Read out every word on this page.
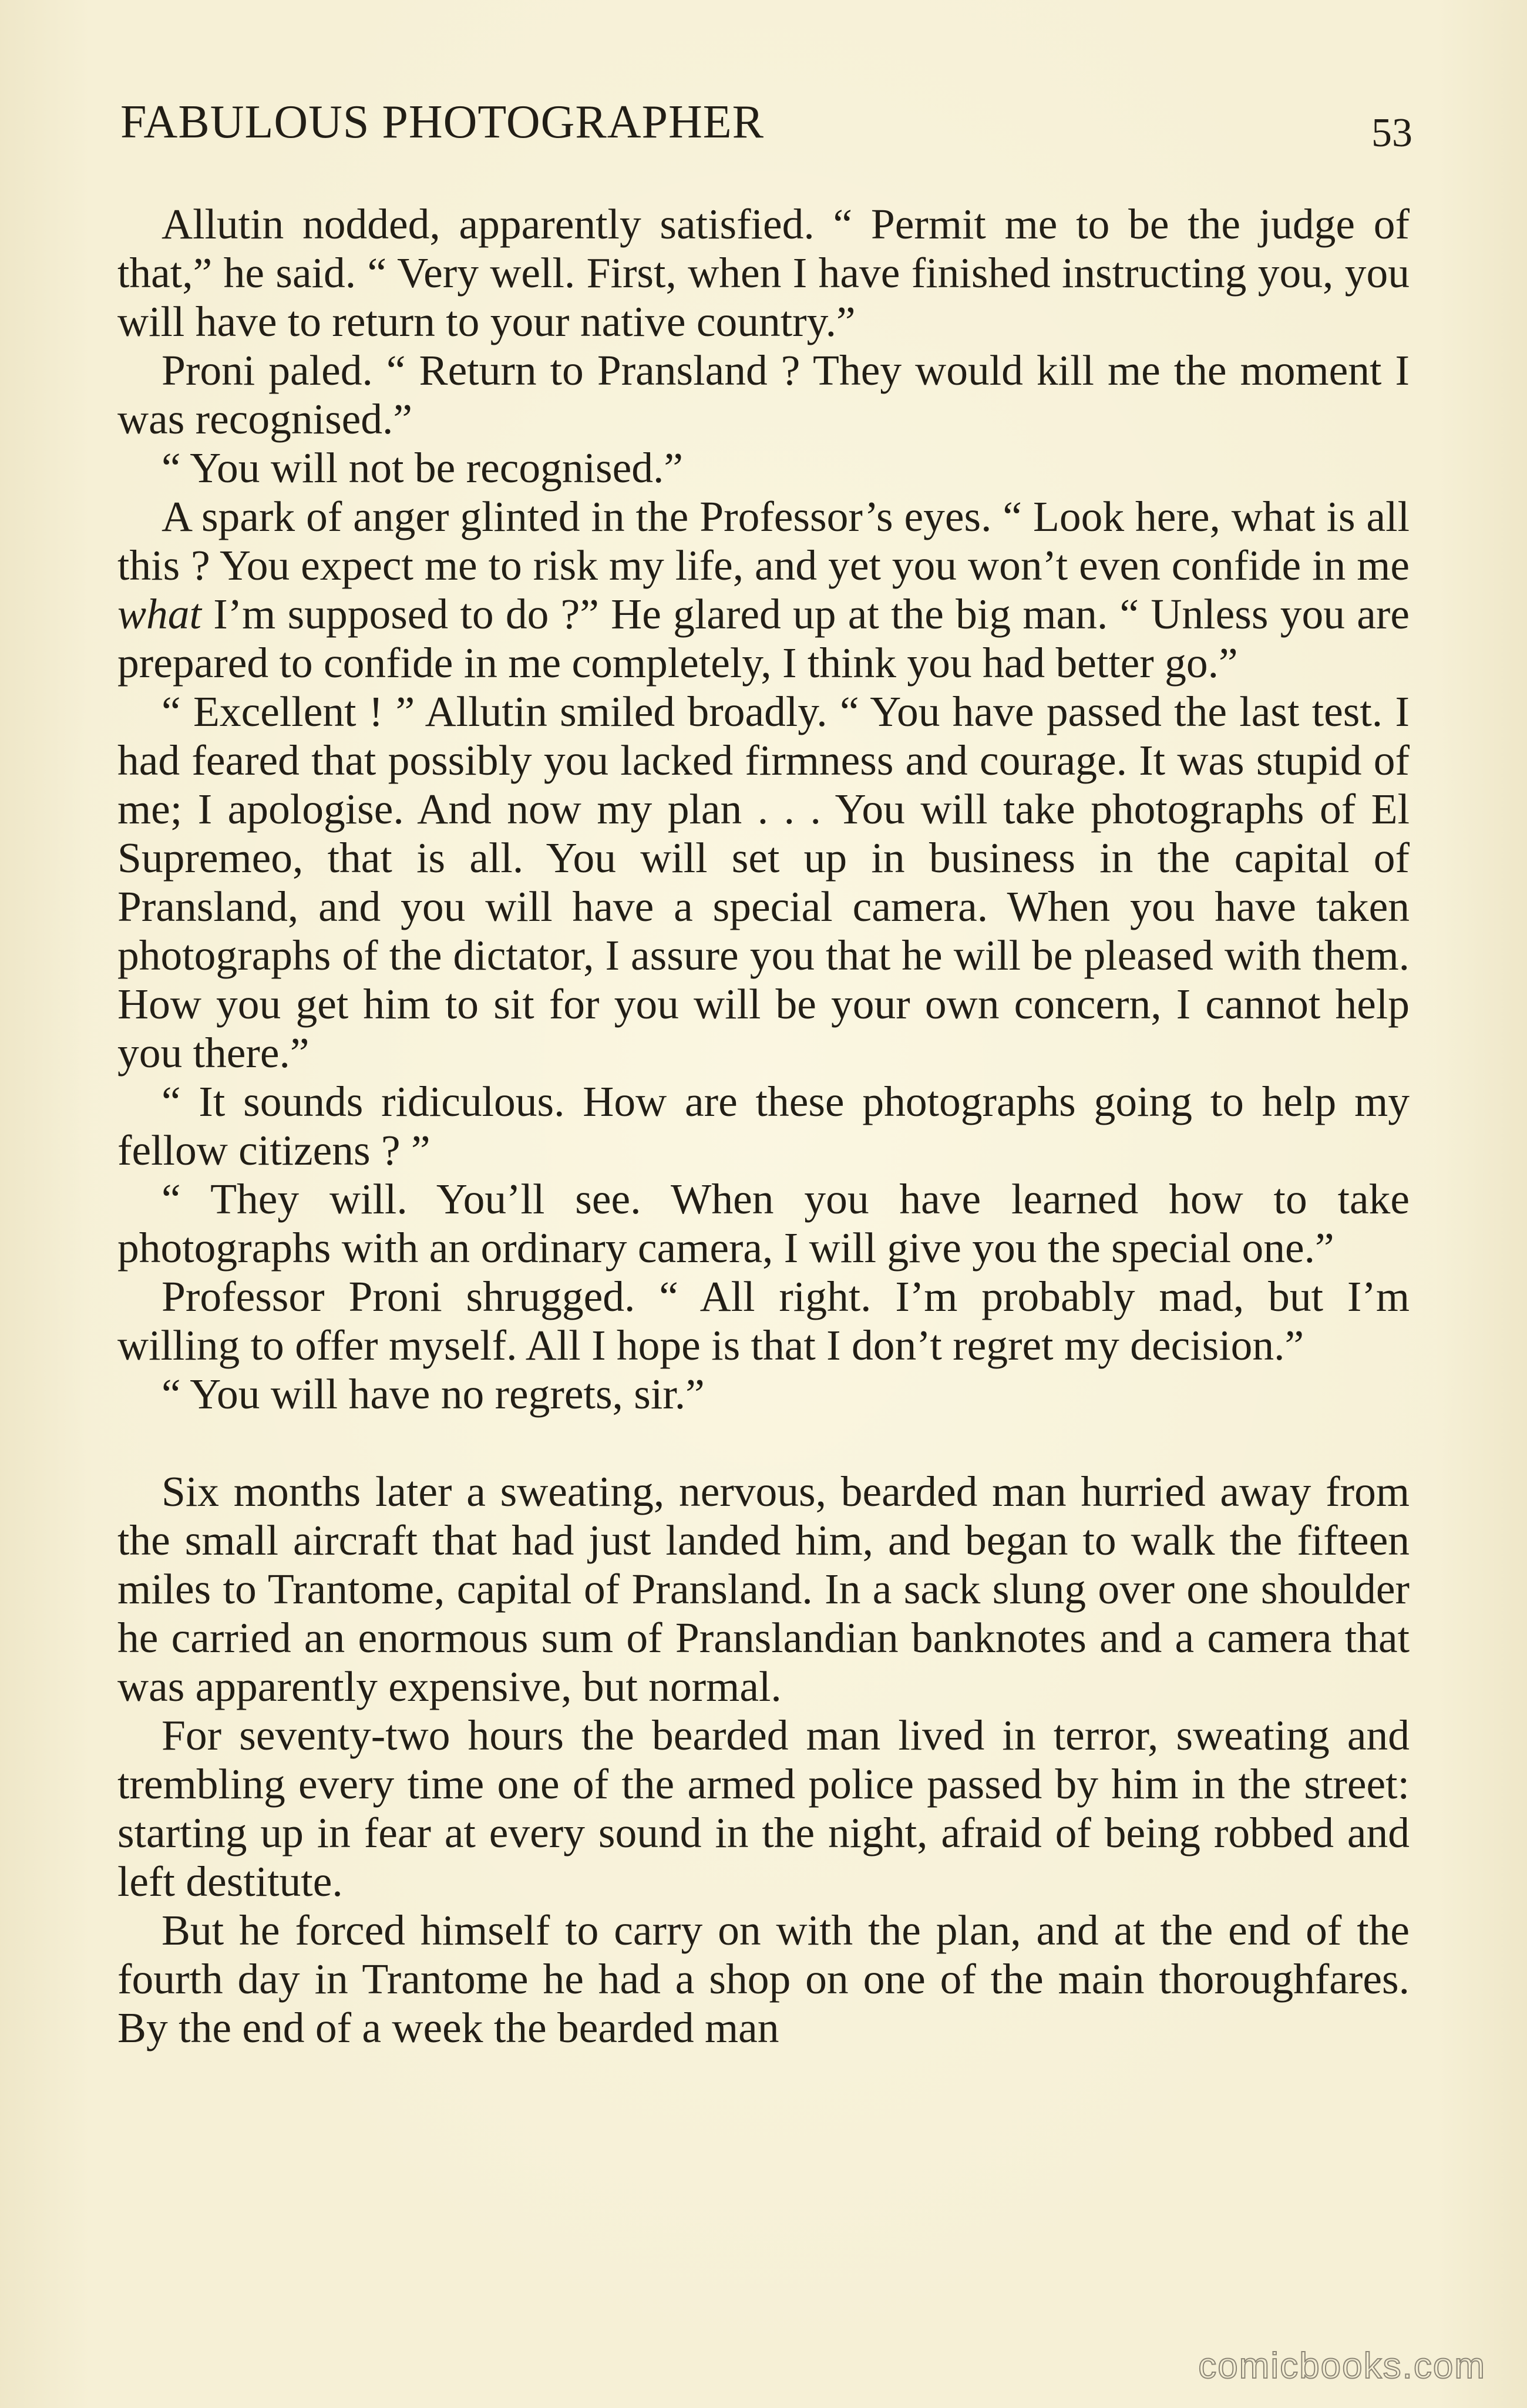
FABULOUS PHOTOGRAPHER	53

Allutin nodded, apparently satisfied. “ Permit me to be the judge of that,” he said. “ Very well. First, when I have finished instructing you, you will have to return to your native country.”

Proni paled. “ Return to Pransland ? They would kill me the moment I was recognised.”

“ You will not be recognised.”

A spark of anger glinted in the Professor’s eyes. “ Look here, what is all this ? You expect me to risk my life, and yet you won’t even confide in me what I’m supposed to do ?” He glared up at the big man. “ Unless you are prepared to confide in me completely, I think you had better go.”

“ Excellent ! ” Allutin smiled broadly. “ You have passed the last test. I had feared that possibly you lacked firmness and courage. It was stupid of me; I apologise. And now my plan . . . You will take photographs of El Supremeo, that is all. You will set up in business in the capital of Pransland, and you will have a special camera. When you have taken photographs of the dictator, I assure you that he will be pleased with them. How you get him to sit for you will be your own concern, I cannot help you there.”

“ It sounds ridiculous. How are these photographs going to help my fellow citizens ? ”

“ They will. You’ll see. When you have learned how to take photographs with an ordinary camera, I will give you the special one.”

Professor Proni shrugged. “ All right. I’m probably mad, but I’m willing to offer myself. All I hope is that I don’t regret my decision.”

“ You will have no regrets, sir.”

Six months later a sweating, nervous, bearded man hurried away from the small aircraft that had just landed him, and began to walk the fifteen miles to Trantome, capital of Pransland. In a sack slung over one shoulder he carried an enormous sum of Pranslandian banknotes and a camera that was apparently expensive, but normal.

For seventy-two hours the bearded man lived in terror, sweating and trembling every time one of the armed police passed by him in the street: starting up in fear at every sound in the night, afraid of being robbed and left destitute.

But he forced himself to carry on with the plan, and at the end of the fourth day in Trantome he had a shop on one of the main thoroughfares. By the end of a week the bearded man

comicbooks.com
